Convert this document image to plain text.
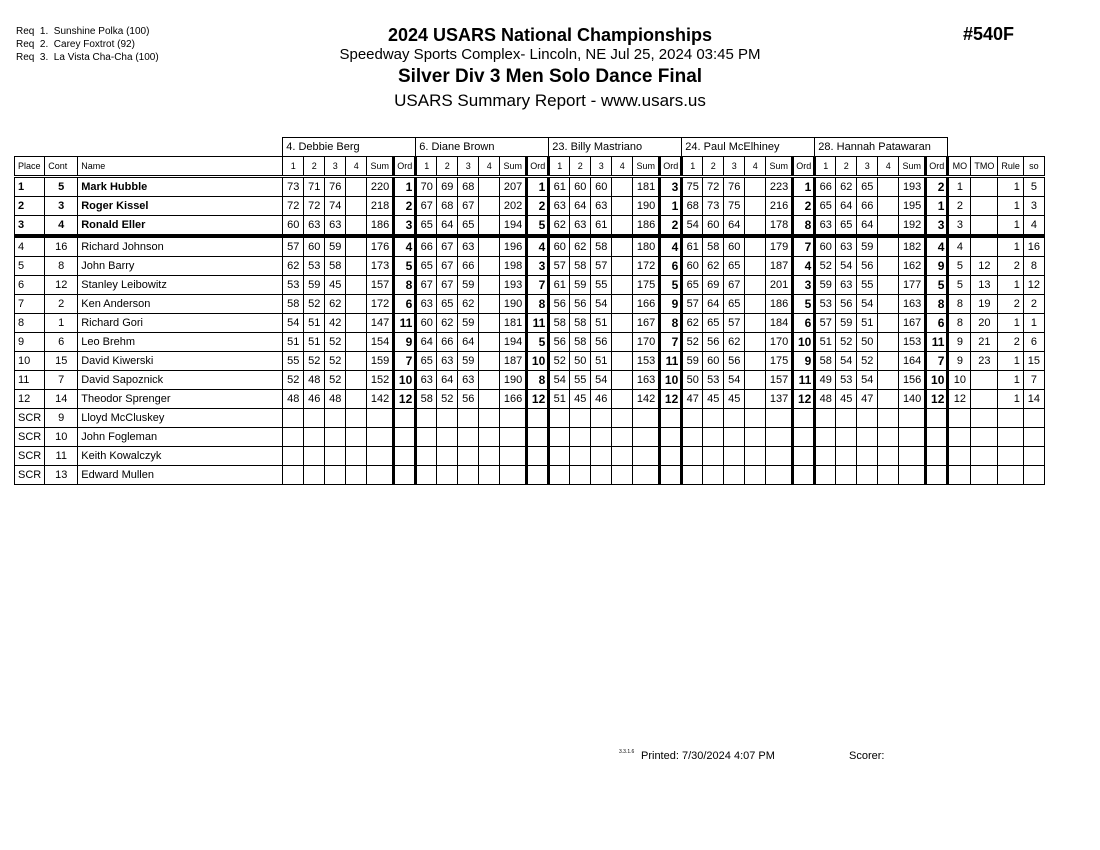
Req  1.  Sunshine Polka (100)
Req  2.  Carey Foxtrot (92)
Req  3.  La Vista Cha-Cha (100)
2024 USARS National Championships
Speedway Sports Complex- Lincoln, NE Jul 25, 2024 03:45 PM
Silver Div 3 Men Solo Dance Final
USARS Summary Report - www.usars.us
#540F
			4. Debbie Berg						6. Diane Brown						23. Billy Mastriano						24. Paul McElhiney						28. Hannah Patawaran									
Place	Cont	Name	1	2	3	4	Sum	Ord	1	2	3	4	Sum	Ord	1	2	3	4	Sum	Ord	1	2	3	4	Sum	Ord	1	2	3	4	Sum	Ord	MO	TMO	Rule	so
1	5	Mark Hubble	73	71	76		220	1	70	69	68		207	1	61	60	60		181	3	75	72	76		223	1	66	62	65		193	2	1		1	5
2	3	Roger Kissel	72	72	74		218	2	67	68	67		202	2	63	64	63		190	1	68	73	75		216	2	65	64	66		195	1	2		1	3
3	4	Ronald Eller	60	63	63		186	3	65	64	65		194	5	62	63	61		186	2	54	60	64		178	8	63	65	64		192	3	3		1	4
4	16	Richard Johnson	57	60	59		176	4	66	67	63		196	4	60	62	58		180	4	61	58	60		179	7	60	63	59		182	4	4		1	16
5	8	John Barry	62	53	58		173	5	65	67	66		198	3	57	58	57		172	6	60	62	65		187	4	52	54	56		162	9	5	12	2	8
6	12	Stanley Leibowitz	53	59	45		157	8	67	67	59		193	7	61	59	55		175	5	65	69	67		201	3	59	63	55		177	5	5	13	1	12
7	2	Ken Anderson	58	52	62		172	6	63	65	62		190	8	56	56	54		166	9	57	64	65		186	5	53	56	54		163	8	8	19	2	2
8	1	Richard Gori	54	51	42		147	11	60	62	59		181	11	58	58	51		167	8	62	65	57		184	6	57	59	51		167	6	8	20	1	1
9	6	Leo Brehm	51	51	52		154	9	64	66	64		194	5	56	58	56		170	7	52	56	62		170	10	51	52	50		153	11	9	21	2	6
10	15	David Kiwerski	55	52	52		159	7	65	63	59		187	10	52	50	51		153	11	59	60	56		175	9	58	54	52		164	7	9	23	1	15
11	7	David Sapoznick	52	48	52		152	10	63	64	63		190	8	54	55	54		163	10	50	53	54		157	11	49	53	54		156	10	10		1	7
12	14	Theodor Sprenger	48	46	48		142	12	58	52	56		166	12	51	45	46		142	12	47	45	45		137	12	48	45	47		140	12	12		1	14
SCR	9	Lloyd McCluskey																																		
SCR	10	John Fogleman																																		
SCR	11	Keith Kowalczyk																																		
SCR	13	Edward Mullen																																		
3.3.1.6 Printed: 7/30/2024 4:07 PM	Scorer:
